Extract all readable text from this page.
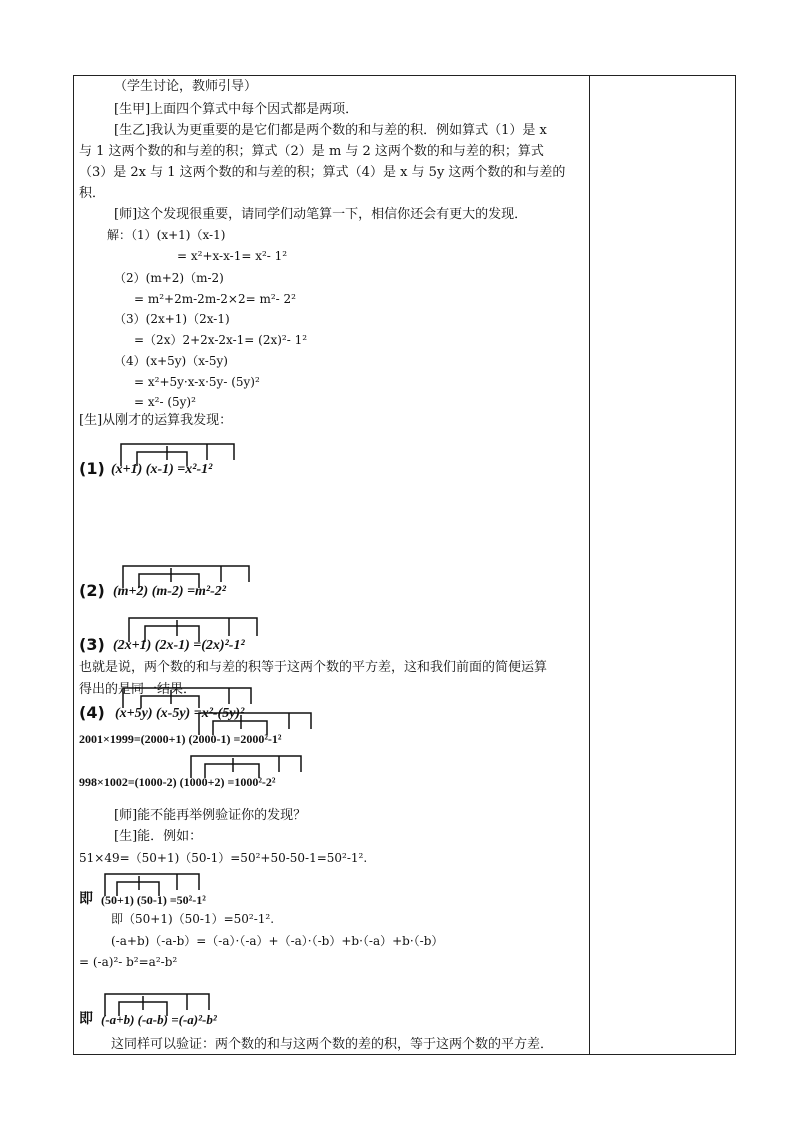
（学生讨论，教师引导）
[生甲]上面四个算式中每个因式都是两项．
[生乙]我认为更重要的是它们都是两个数的和与差的积．例如算式（1）是 x
与 1 这两个数的和与差的积；算式（2）是 m 与 2 这两个数的和与差的积；算式
（3）是 2x 与 1 这两个数的和与差的积；算式（4）是 x 与 5y 这两个数的和与差的
积．
[师]这个发现很重要，请同学们动笔算一下，相信你还会有更大的发现．
解：（1）(x+1)（x-1)
= x²+x-x-1= x²- 1²
（2）(m+2)（m-2)
= m²+2m-2m-2×2= m²- 2²
（3）(2x+1)（2x-1)
=（2x）2+2x-2x-1= (2x)²- 1²
（4）(x+5y)（x-5y)
= x²+5y·x-x·5y- (5y)²
= x²- (5y)²
[生]从刚才的运算我发现：
(1) (x+1) (x-1) =x²-1²
(2) (m+2) (m-2) =m²-2²
(3) (2x+1) (2x-1) =(2x)²-1²
(4) (x+5y) (x-5y) =x²-(5y)²
也就是说，两个数的和与差的积等于这两个数的平方差，这和我们前面的简便运算
得出的是同一结果．
2001×1999=(2000+1) (2000-1) =2000²-1²
998×1002=(1000-2) (1000+2) =1000²-2²
[师]能不能再举例验证你的发现？
[生]能．例如：
51×49=（50+1)（50-1）=50²+50-50-1=50²-1².
即 (50+1) (50-1) =50²-1²
即（50+1)（50-1）=50²-1².
(-a+b)（-a-b）=（-a）·（-a）+（-a）·（-b）+b·（-a）+b·（-b）
= (-a)²- b²=a²-b²
即 (-a+b) (-a-b) =(-a)²-b²
这同样可以验证：两个数的和与这两个数的差的积，等于这两个数的平方差．
